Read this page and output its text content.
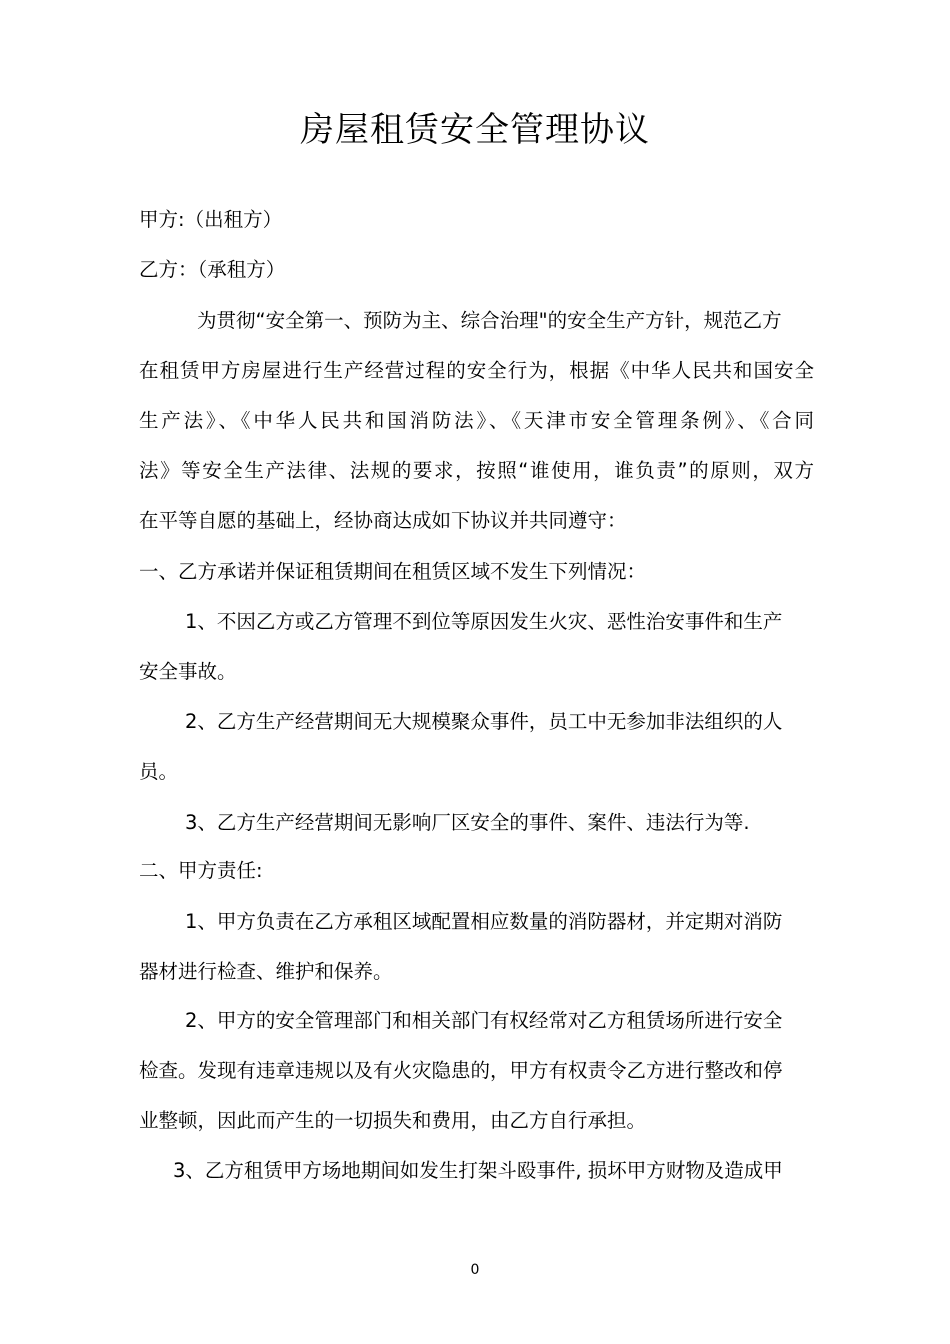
房屋租赁安全管理协议
甲方:（出租方）
乙方：（承租方）
为贯彻“安全第一、预防为主、综合治理"的安全生产方针，规范乙方
在租赁甲方房屋进行生产经营过程的安全行为，根据《中华人民共和国安全
生产法》、《中华人民共和国消防法》、《天津市安全管理条例》、《合同
法》等安全生产法律、法规的要求，按照“谁使用，谁负责”的原则，双方
在平等自愿的基础上，经协商达成如下协议并共同遵守：
一、乙方承诺并保证租赁期间在租赁区域不发生下列情况：
1、不因乙方或乙方管理不到位等原因发生火灾、恶性治安事件和生产
安全事故。
2、乙方生产经营期间无大规模聚众事件，员工中无参加非法组织的人
员。
3、乙方生产经营期间无影响厂区安全的事件、案件、违法行为等.
二、甲方责任:
1、甲方负责在乙方承租区域配置相应数量的消防器材，并定期对消防
器材进行检查、维护和保养。
2、甲方的安全管理部门和相关部门有权经常对乙方租赁场所进行安全
检查。发现有违章违规以及有火灾隐患的，甲方有权责令乙方进行整改和停
业整顿，因此而产生的一切损失和费用，由乙方自行承担。
3、乙方租赁甲方场地期间如发生打架斗殴事件, 损坏甲方财物及造成甲
0
